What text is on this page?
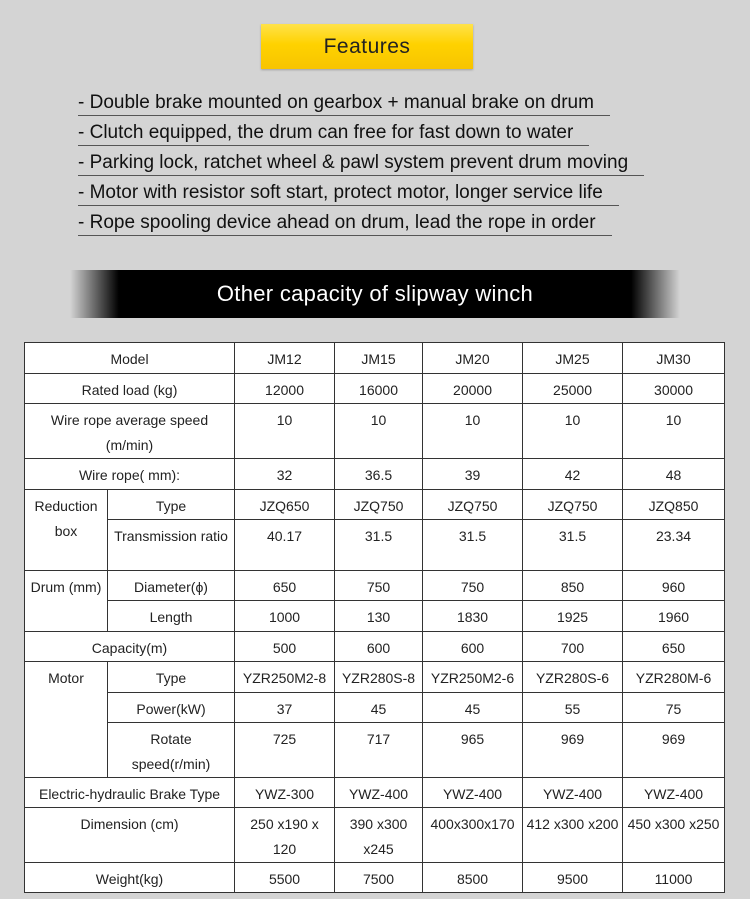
Features
- Double brake mounted on gearbox + manual brake on drum
- Clutch equipped, the drum can free for fast down to water
- Parking lock, ratchet wheel & pawl system prevent drum moving
- Motor with resistor soft start, protect motor, longer service life
- Rope spooling device ahead on drum, lead the rope in order
Other capacity of slipway winch
Model		JM12	JM15	JM20	JM25	JM30
Rated load (kg)		12000	16000	20000	25000	30000
Wire rope average speed (m/min)		10	10	10	10	10
Wire rope( mm):		32	36.5	39	42	48
Reduction box	Type	JZQ650	JZQ750	JZQ750	JZQ750	JZQ850
	Transmission ratio	40.17	31.5	31.5	31.5	23.34
Drum (mm)	Diameter(ϕ)	650	750	750	850	960
	Length	1000	130	1830	1925	1960
Capacity(m)		500	600	600	700	650
Motor	Type	YZR250M2-8	YZR280S-8	YZR250M2-6	YZR280S-6	YZR280M-6
	Power(kW)	37	45	45	55	75
	Rotate speed(r/min)	725	717	965	969	969
Electric-hydraulic Brake Type		YWZ-300	YWZ-400	YWZ-400	YWZ-400	YWZ-400
Dimension (cm)		250 x190 x 120	390 x300 x245	400x300x170	412 x300 x200	450 x300 x250
Weight(kg)		5500	7500	8500	9500	11000
